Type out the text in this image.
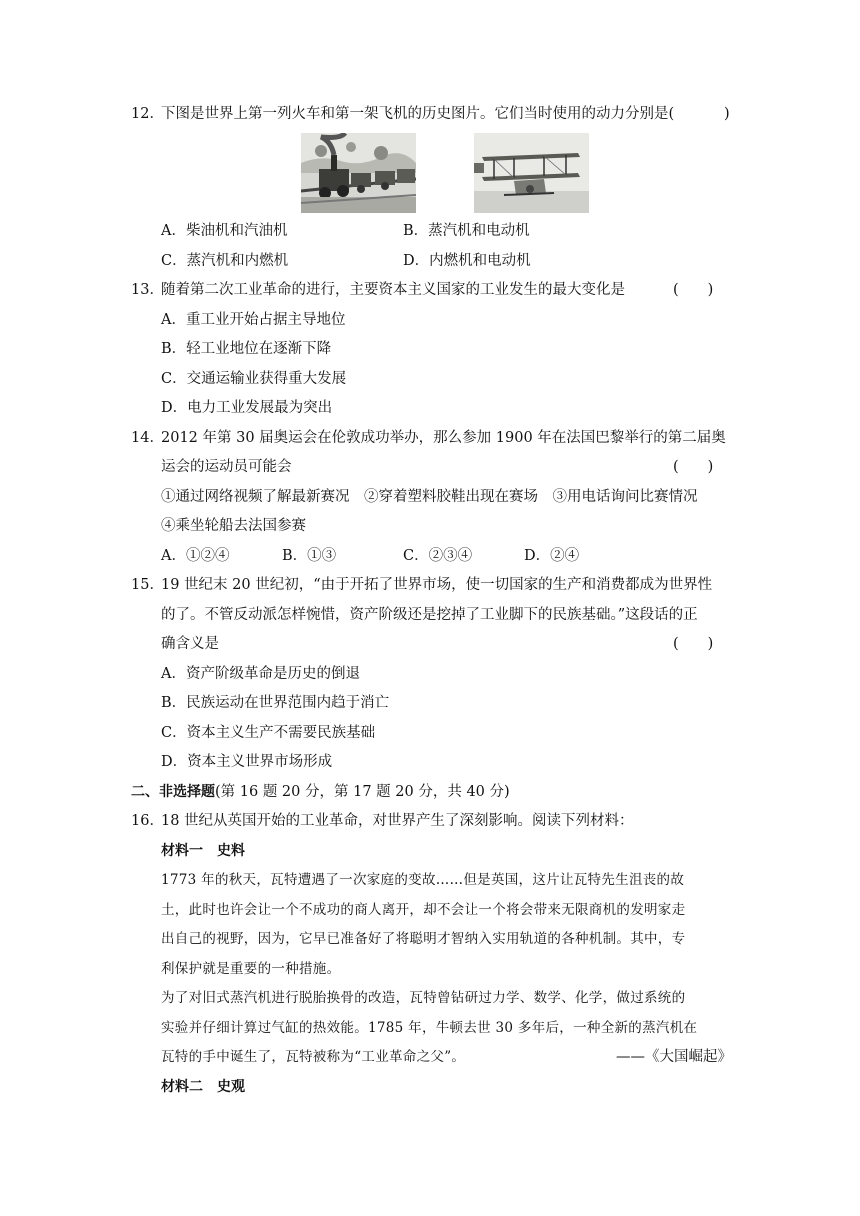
12．
下图是世界上第一列火车和第一架飞机的历史图片。它们当时使用的动力分别是(	)
A．柴油机和汽油机	B．蒸汽机和电动机
C．蒸汽机和内燃机	D．内燃机和电动机
13．
随着第二次工业革命的进行，主要资本主义国家的工业发生的最大变化是	(　　)
A．重工业开始占据主导地位
B．轻工业地位在逐渐下降
C．交通运输业获得重大发展
D．电力工业发展最为突出
14．
2012 年第 30 届奥运会在伦敦成功举办，那么参加 1900 年在法国巴黎举行的第二届奥
运会的运动员可能会	(　　)
①通过网络视频了解最新赛况　②穿着塑料胶鞋出现在赛场　③用电话询问比赛情况
④乘坐轮船去法国参赛
A．①②④	B．①③	C．②③④	D．②④
15．
19 世纪末 20 世纪初，“由于开拓了世界市场，使一切国家的生产和消费都成为世界性
的了。不管反动派怎样惋惜，资产阶级还是挖掉了工业脚下的民族基础。”这段话的正
确含义是	(　　)
A．资产阶级革命是历史的倒退
B．民族运动在世界范围内趋于消亡
C．资本主义生产不需要民族基础
D．资本主义世界市场形成
二、非选择题(第 16 题 20 分，第 17 题 20 分，共 40 分)
16．
18 世纪从英国开始的工业革命，对世界产生了深刻影响。阅读下列材料：
材料一　史料
1773 年的秋天，瓦特遭遇了一次家庭的变故……但是英国，这片让瓦特先生沮丧的故
土，此时也许会让一个不成功的商人离开，却不会让一个将会带来无限商机的发明家走
出自己的视野，因为，它早已准备好了将聪明才智纳入实用轨道的各种机制。其中，专
利保护就是重要的一种措施。
为了对旧式蒸汽机进行脱胎换骨的改造，瓦特曾钻研过力学、数学、化学，做过系统的
实验并仔细计算过气缸的热效能。1785 年，牛顿去世 30 多年后，一种全新的蒸汽机在
瓦特的手中诞生了，瓦特被称为“工业革命之父”。	——《大国崛起》
材料二　史观
